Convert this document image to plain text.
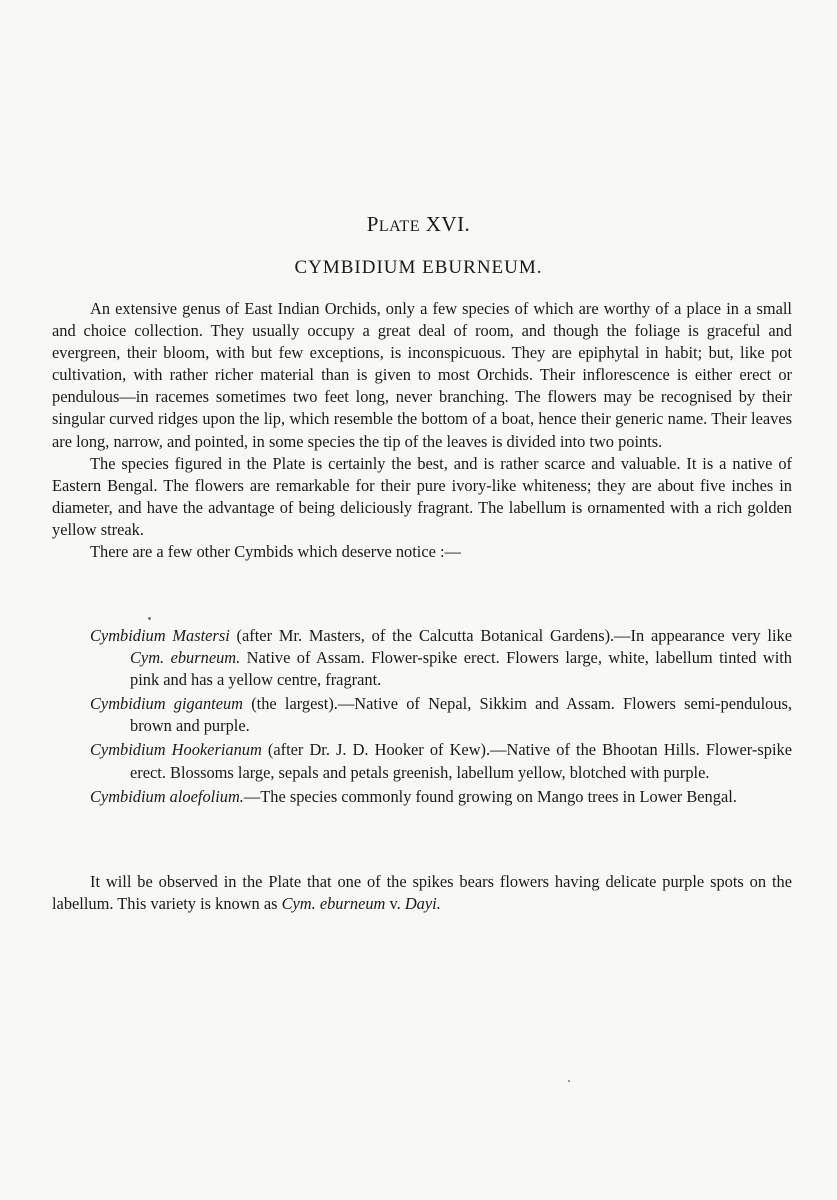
PLATE XVI.
CYMBIDIUM EBURNEUM.

An extensive genus of East Indian Orchids, only a few species of which are worthy of a place in a small and choice collection. They usually occupy a great deal of room, and though the foliage is graceful and evergreen, their bloom, with but few exceptions, is inconspicuous. They are epiphytal in habit; but, like pot cultivation, with rather richer material than is given to most Orchids. Their inflorescence is either erect or pendulous—in racemes sometimes two feet long, never branching. The flowers may be recognised by their singular curved ridges upon the lip, which resemble the bottom of a boat, hence their generic name. Their leaves are long, narrow, and pointed, in some species the tip of the leaves is divided into two points.

The species figured in the Plate is certainly the best, and is rather scarce and valuable. It is a native of Eastern Bengal. The flowers are remarkable for their pure ivory-like whiteness; they are about five inches in diameter, and have the advantage of being deliciously fragrant. The labellum is ornamented with a rich golden yellow streak.

There are a few other Cymbids which deserve notice :—

Cymbidium Mastersi (after Mr. Masters, of the Calcutta Botanical Gardens).—In appearance very like Cym. eburneum. Native of Assam. Flower-spike erect. Flowers large, white, labellum tinted with pink and has a yellow centre, fragrant.
Cymbidium giganteum (the largest).—Native of Nepal, Sikkim and Assam. Flowers semi-pendulous, brown and purple.
Cymbidium Hookerianum (after Dr. J. D. Hooker of Kew).—Native of the Bhootan Hills. Flower-spike erect. Blossoms large, sepals and petals greenish, labellum yellow, blotched with purple.
Cymbidium aloefolium.—The species commonly found growing on Mango trees in Lower Bengal.

It will be observed in the Plate that one of the spikes bears flowers having delicate purple spots on the labellum. This variety is known as Cym. eburneum v. Dayi.
